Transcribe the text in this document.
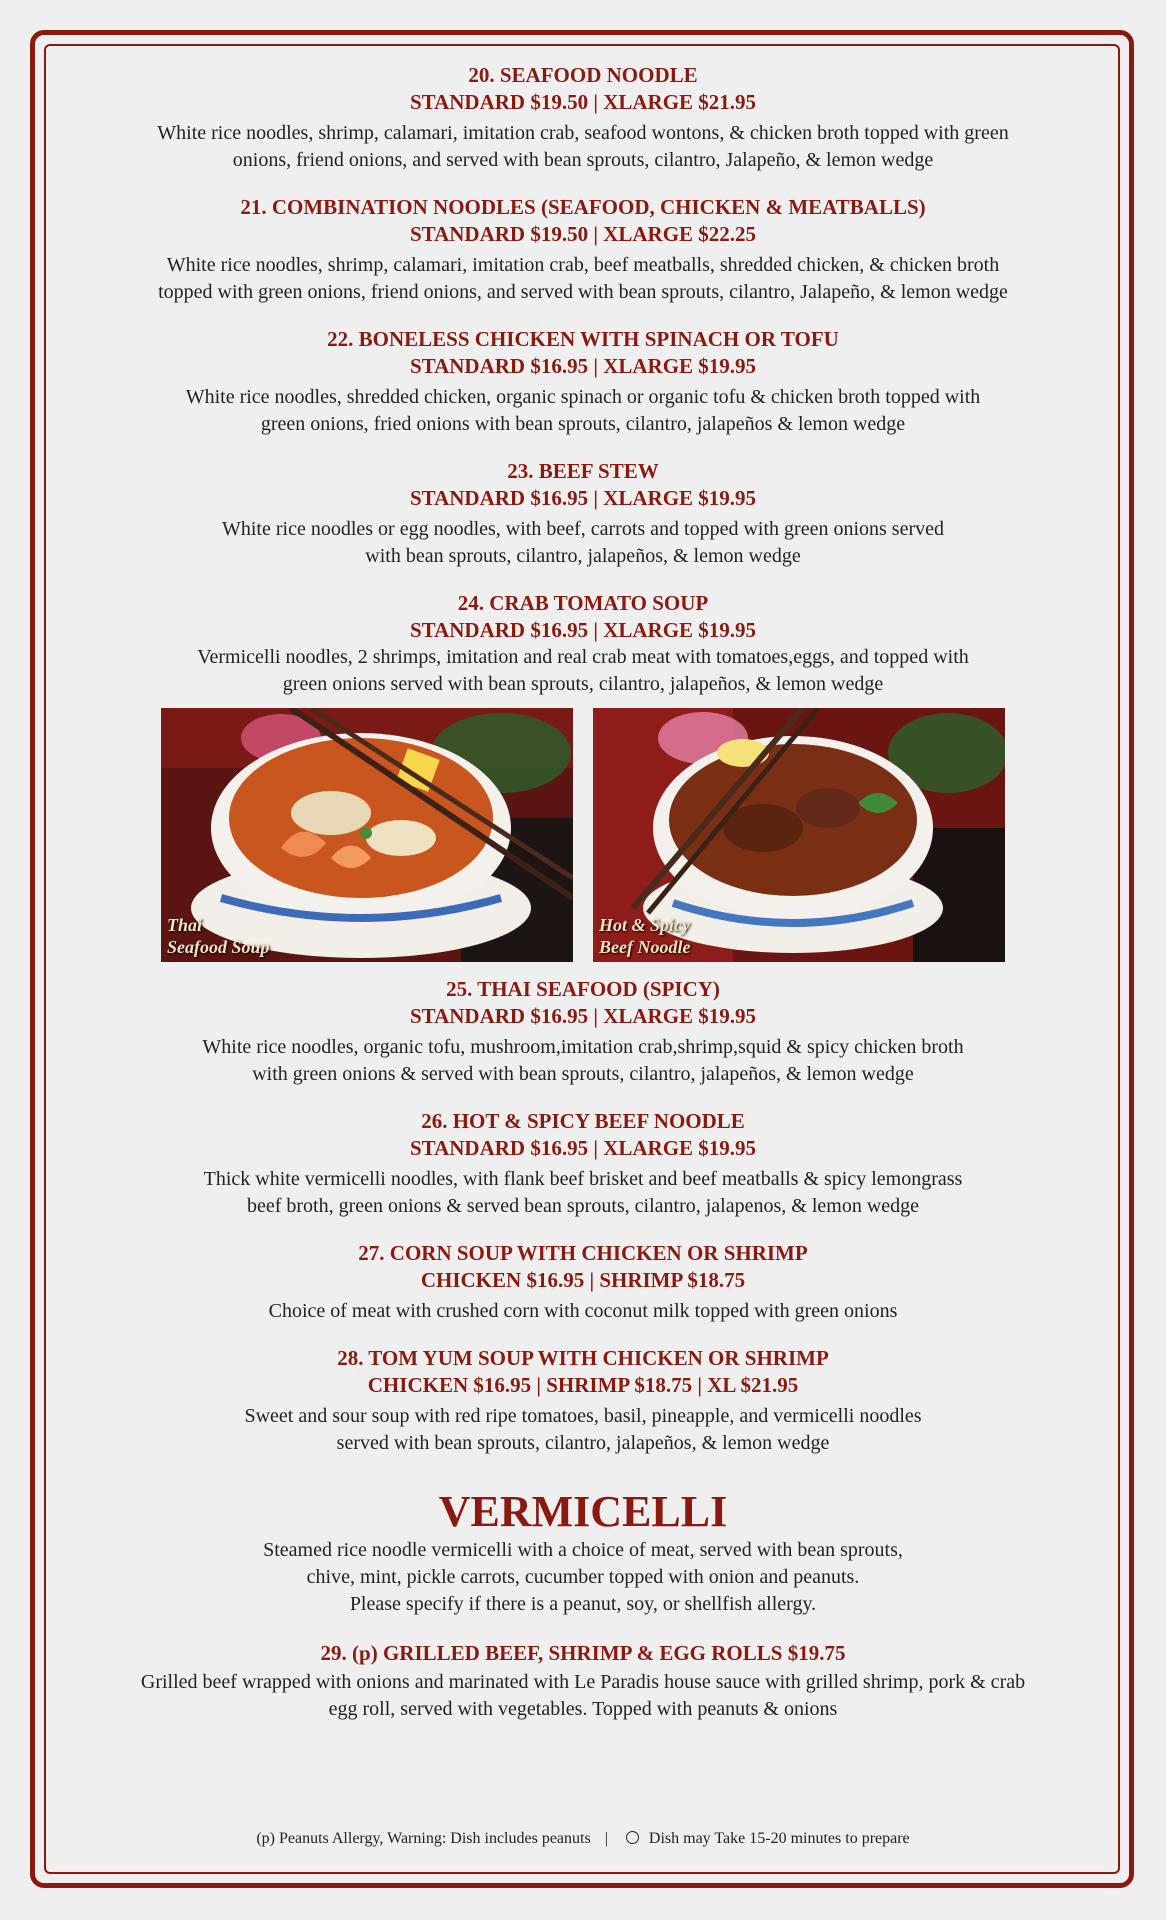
20. SEAFOOD NOODLE
STANDARD $19.50 | XLARGE $21.95
White rice noodles, shrimp, calamari, imitation crab, seafood wontons, & chicken broth topped with green
onions, friend onions, and served with bean sprouts, cilantro, Jalapeño, & lemon wedge
21. COMBINATION NOODLES (SEAFOOD, CHICKEN & MEATBALLS)
STANDARD $19.50 | XLARGE $22.25
White rice noodles, shrimp, calamari, imitation crab, beef meatballs, shredded chicken, & chicken broth
topped with green onions, friend onions, and served with bean sprouts, cilantro, Jalapeño, & lemon wedge
22. BONELESS CHICKEN WITH SPINACH OR TOFU
STANDARD $16.95 | XLARGE $19.95
White rice noodles, shredded chicken, organic spinach or organic tofu & chicken broth topped with
green onions, fried onions with bean sprouts, cilantro, jalapeños & lemon wedge
23. BEEF STEW
STANDARD $16.95 | XLARGE $19.95
White rice noodles or egg noodles, with beef, carrots and topped with green onions served
with bean sprouts, cilantro, jalapeños, & lemon wedge
24. CRAB TOMATO SOUP
STANDARD $16.95 | XLARGE $19.95
Vermicelli noodles, 2 shrimps, imitation and real crab meat with tomatoes,eggs, and topped with
green onions served with bean sprouts, cilantro, jalapeños, & lemon wedge
Thai
Seafood Soup
Hot & Spicy
Beef Noodle
25. THAI SEAFOOD (SPICY)
STANDARD $16.95 | XLARGE $19.95
White rice noodles, organic tofu, mushroom,imitation crab,shrimp,squid & spicy chicken broth
with green onions & served with bean sprouts, cilantro, jalapeños, & lemon wedge
26. HOT & SPICY BEEF NOODLE
STANDARD $16.95 | XLARGE $19.95
Thick white vermicelli noodles, with flank beef brisket and beef meatballs & spicy lemongrass
beef broth, green onions & served bean sprouts, cilantro, jalapenos, & lemon wedge
27. CORN SOUP WITH CHICKEN OR SHRIMP
CHICKEN $16.95 | SHRIMP $18.75
Choice of meat with crushed corn with coconut milk topped with green onions
28. TOM YUM SOUP WITH CHICKEN OR SHRIMP
CHICKEN $16.95 | SHRIMP $18.75 | XL $21.95
Sweet and sour soup with red ripe tomatoes, basil, pineapple, and vermicelli noodles
served with bean sprouts, cilantro, jalapeños, & lemon wedge
VERMICELLI
Steamed rice noodle vermicelli with a choice of meat, served with bean sprouts,
chive, mint, pickle carrots, cucumber topped with onion and peanuts.
Please specify if there is a peanut, soy, or shellfish allergy.
29. (p) GRILLED BEEF, SHRIMP & EGG ROLLS $19.75
Grilled beef wrapped with onions and marinated with Le Paradis house sauce with grilled shrimp, pork & crab
egg roll, served with vegetables. Topped with peanuts & onions
(p) Peanuts Allergy, Warning: Dish includes peanuts |	Dish may Take 15-20 minutes to prepare
